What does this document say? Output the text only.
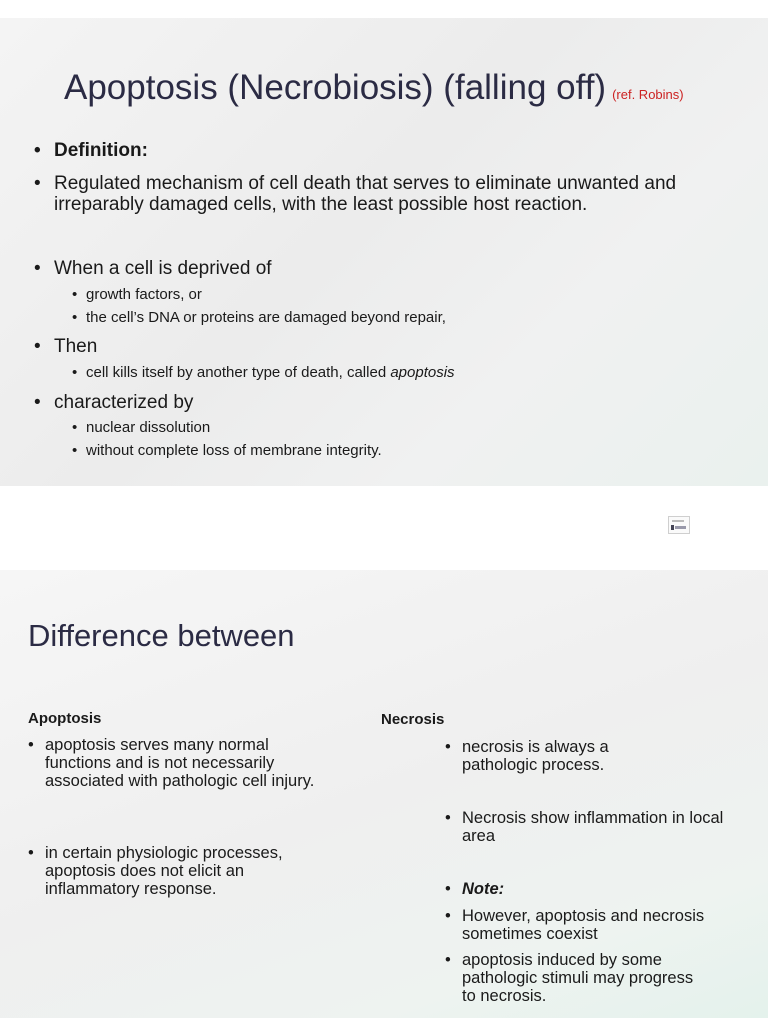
Apoptosis (Necrobiosis) (falling off) (ref. Robins)
• Definition:
• Regulated mechanism of cell death that serves to eliminate unwanted and irreparably damaged cells, with the least possible host reaction.
• When a cell is deprived of
• growth factors, or
• the cell’s DNA or proteins are damaged beyond repair,
• Then
• cell kills itself by another type of death, called apoptosis
• characterized by
• nuclear dissolution
• without complete loss of membrane integrity.
Difference between
Apoptosis
• apoptosis serves many normal functions and is not necessarily associated with pathologic cell injury.
• in certain physiologic processes, apoptosis does not elicit an inflammatory response.
Necrosis
• necrosis is always a pathologic process.
• Necrosis show inflammation in local area
• Note:
• However, apoptosis and necrosis sometimes coexist
• apoptosis induced by some pathologic stimuli may progress to necrosis.
